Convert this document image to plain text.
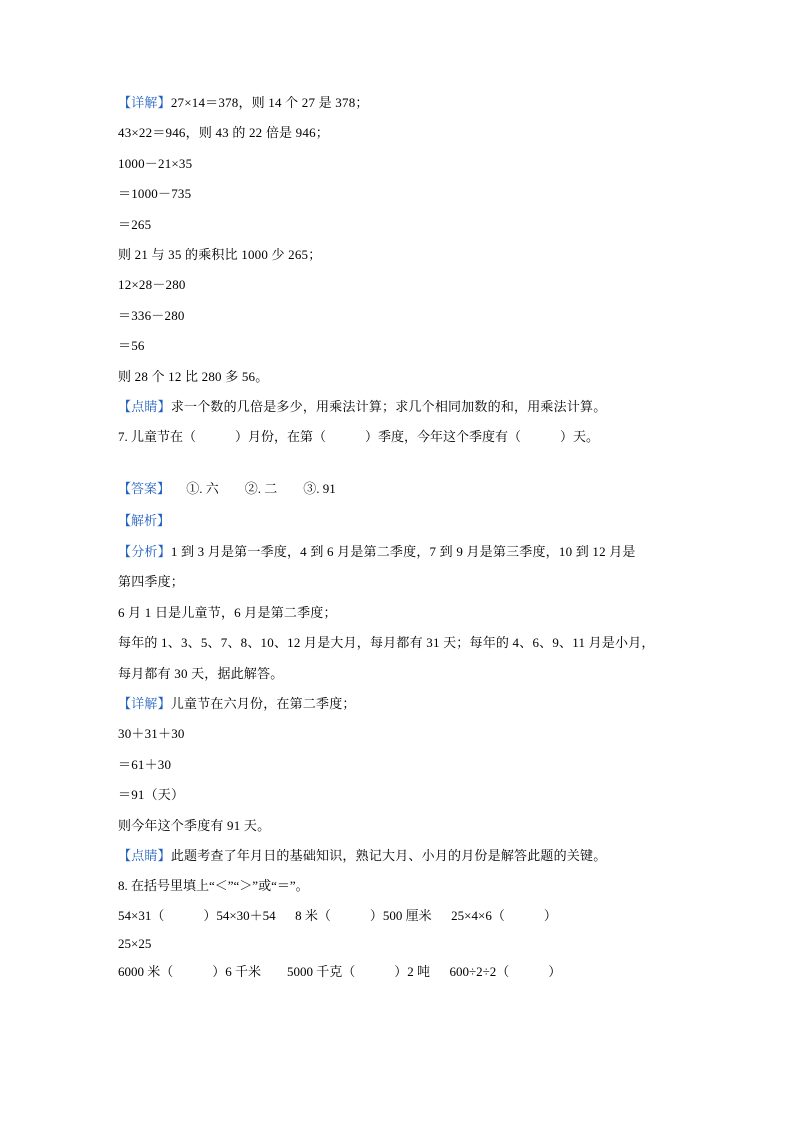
【详解】27×14＝378，则 14 个 27 是 378；
43×22＝946，则 43 的 22 倍是 946；
1000－21×35
＝1000－735
＝265
则 21 与 35 的乘积比 1000 少 265；
12×28－280
＝336－280
＝56
则 28 个 12 比 280 多 56。
【点睛】求一个数的几倍是多少，用乘法计算；求几个相同加数的和，用乘法计算。
7. 儿童节在（            ）月份，在第（            ）季度，今年这个季度有（            ）天。
【答案】 ①. 六        ②. 二        ③. 91
【解析】
【分析】1 到 3 月是第一季度，4 到 6 月是第二季度，7 到 9 月是第三季度，10 到 12 月是
第四季度；
6 月 1 日是儿童节，6 月是第二季度；
每年的 1、3、5、7、8、10、12 月是大月，每月都有 31 天；每年的 4、6、9、11 月是小月，
每月都有 30 天，据此解答。
【详解】儿童节在六月份，在第二季度；
30＋31＋30
＝61＋30
＝91（天）
则今年这个季度有 91 天。
【点睛】此题考查了年月日的基础知识，熟记大月、小月的月份是解答此题的关键。
8. 在括号里填上“＜”“＞”或“＝”。
54×31（            ）54×30＋54      8 米（            ）500 厘米      25×4×6（            ）
25×25
6000 米（            ）6 千米        5000 千克（            ）2 吨      600÷2÷2（            ）
